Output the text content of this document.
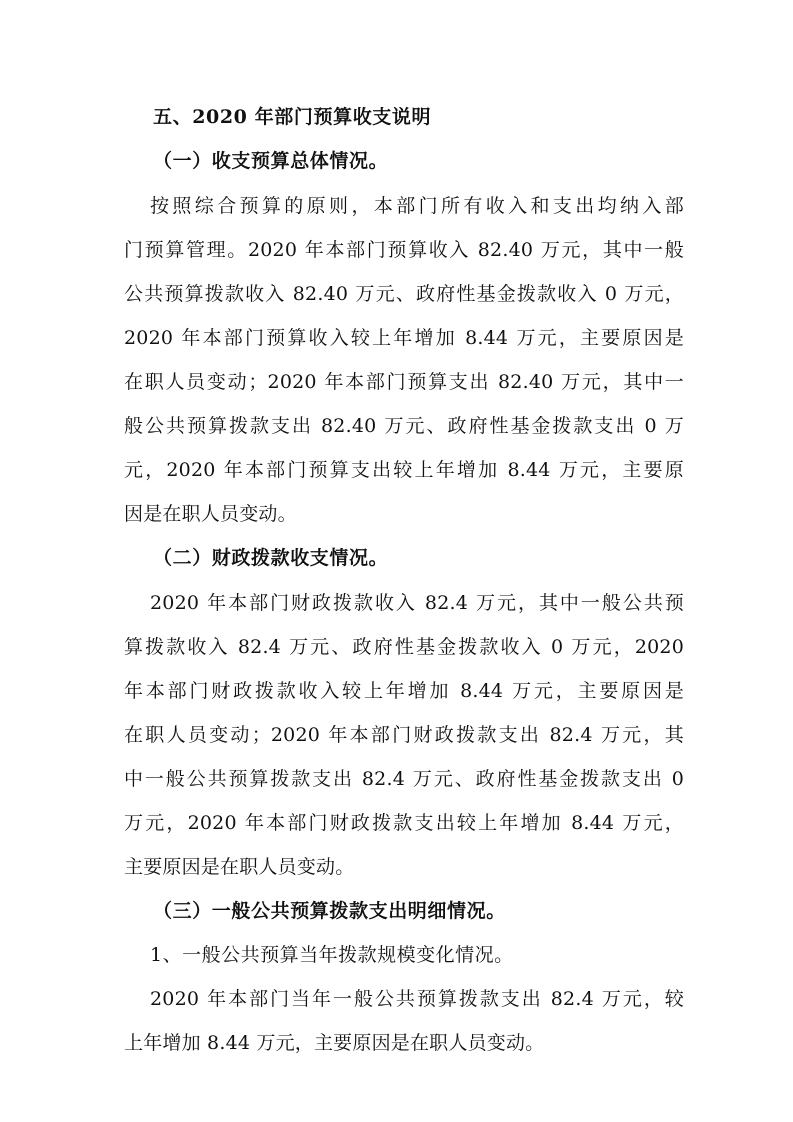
五、2020 年部门预算收支说明
（一）收支预算总体情况。
按照综合预算的原则，本部门所有收入和支出均纳入部
门预算管理。2020 年本部门预算收入 82.40 万元，其中一般
公共预算拨款收入 82.40 万元、政府性基金拨款收入 0 万元，
2020 年本部门预算收入较上年增加 8.44 万元，主要原因是
在职人员变动；2020 年本部门预算支出 82.40 万元，其中一
般公共预算拨款支出 82.40 万元、政府性基金拨款支出 0 万
元，2020 年本部门预算支出较上年增加 8.44 万元，主要原
因是在职人员变动。
（二）财政拨款收支情况。
2020 年本部门财政拨款收入 82.4 万元，其中一般公共预
算拨款收入 82.4 万元、政府性基金拨款收入 0 万元，2020
年本部门财政拨款收入较上年增加 8.44 万元，主要原因是
在职人员变动；2020 年本部门财政拨款支出 82.4 万元，其
中一般公共预算拨款支出 82.4 万元、政府性基金拨款支出 0
万元，2020 年本部门财政拨款支出较上年增加 8.44 万元，
主要原因是在职人员变动。
（三）一般公共预算拨款支出明细情况。
1、一般公共预算当年拨款规模变化情况。
2020 年本部门当年一般公共预算拨款支出 82.4 万元，较
上年增加 8.44 万元，主要原因是在职人员变动。
